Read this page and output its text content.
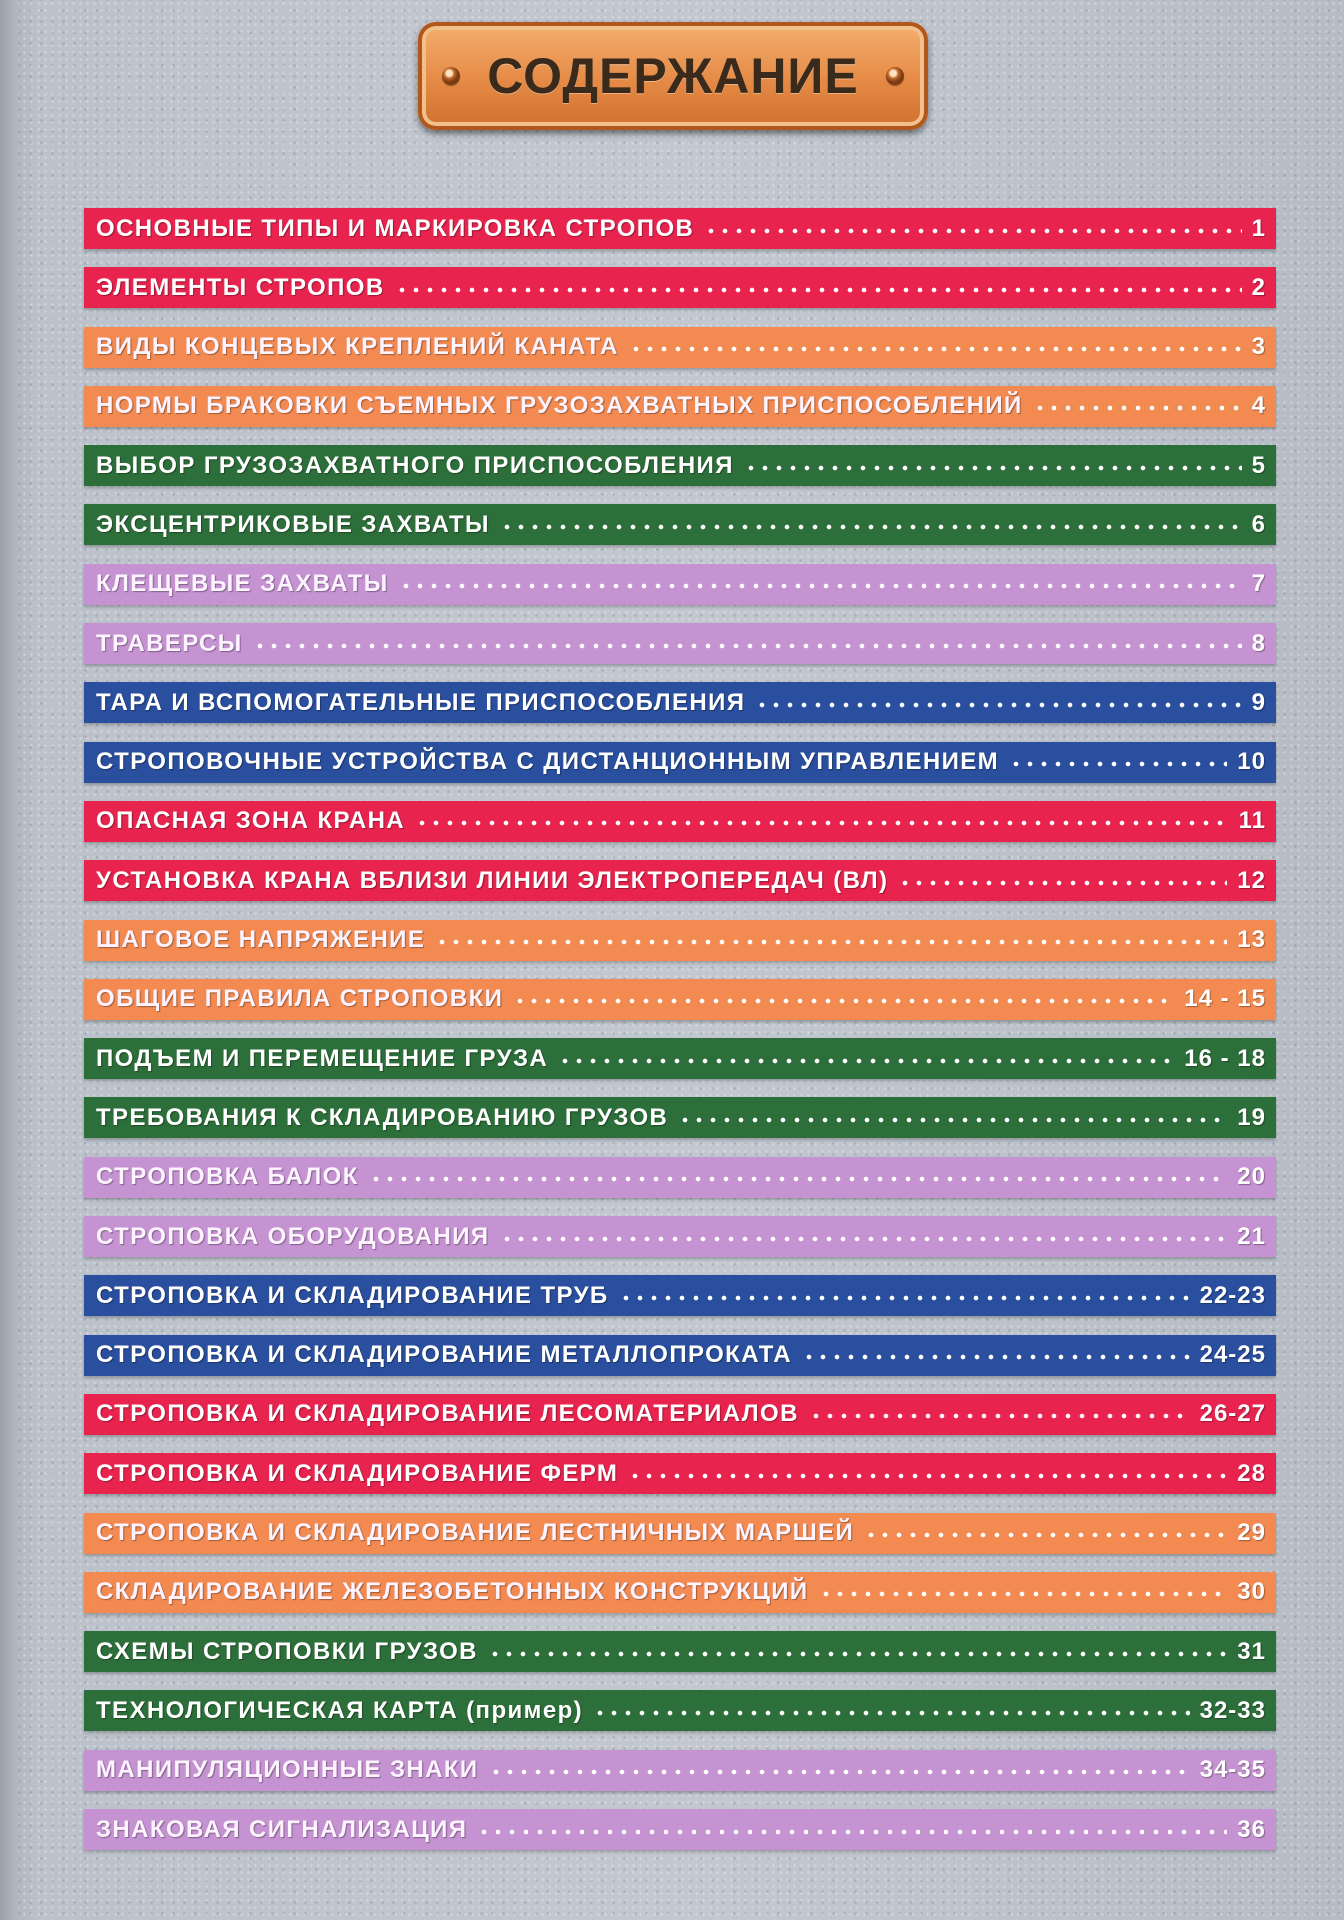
СОДЕРЖАНИЕ
ОСНОВНЫЕ ТИПЫ И МАРКИРОВКА СТРОПОВ	1
ЭЛЕМЕНТЫ СТРОПОВ	2
ВИДЫ КОНЦЕВЫХ КРЕПЛЕНИЙ КАНАТА	3
НОРМЫ БРАКОВКИ СЪЕМНЫХ ГРУЗОЗАХВАТНЫХ ПРИСПОСОБЛЕНИЙ	4
ВЫБОР ГРУЗОЗАХВАТНОГО ПРИСПОСОБЛЕНИЯ	5
ЭКСЦЕНТРИКОВЫЕ ЗАХВАТЫ	6
КЛЕЩЕВЫЕ ЗАХВАТЫ	7
ТРАВЕРСЫ	8
ТАРА И ВСПОМОГАТЕЛЬНЫЕ ПРИСПОСОБЛЕНИЯ	9
СТРОПОВОЧНЫЕ УСТРОЙСТВА С ДИСТАНЦИОННЫМ УПРАВЛЕНИЕМ	10
ОПАСНАЯ ЗОНА КРАНА	11
УСТАНОВКА КРАНА ВБЛИЗИ ЛИНИИ ЭЛЕКТРОПЕРЕДАЧ (ВЛ)	12
ШАГОВОЕ НАПРЯЖЕНИЕ	13
ОБЩИЕ ПРАВИЛА СТРОПОВКИ	14 - 15
ПОДЪЕМ И ПЕРЕМЕЩЕНИЕ ГРУЗА	16 - 18
ТРЕБОВАНИЯ К СКЛАДИРОВАНИЮ ГРУЗОВ	19
СТРОПОВКА БАЛОК	20
СТРОПОВКА ОБОРУДОВАНИЯ	21
СТРОПОВКА И СКЛАДИРОВАНИЕ ТРУБ	22-23
СТРОПОВКА И СКЛАДИРОВАНИЕ МЕТАЛЛОПРОКАТА	24-25
СТРОПОВКА И СКЛАДИРОВАНИЕ ЛЕСОМАТЕРИАЛОВ	26-27
СТРОПОВКА И СКЛАДИРОВАНИЕ ФЕРМ	28
СТРОПОВКА И СКЛАДИРОВАНИЕ ЛЕСТНИЧНЫХ МАРШЕЙ	29
СКЛАДИРОВАНИЕ ЖЕЛЕЗОБЕТОННЫХ КОНСТРУКЦИЙ	30
СХЕМЫ СТРОПОВКИ ГРУЗОВ	31
ТЕХНОЛОГИЧЕСКАЯ КАРТА (пример)	32-33
МАНИПУЛЯЦИОННЫЕ ЗНАКИ	34-35
ЗНАКОВАЯ СИГНАЛИЗАЦИЯ	36
